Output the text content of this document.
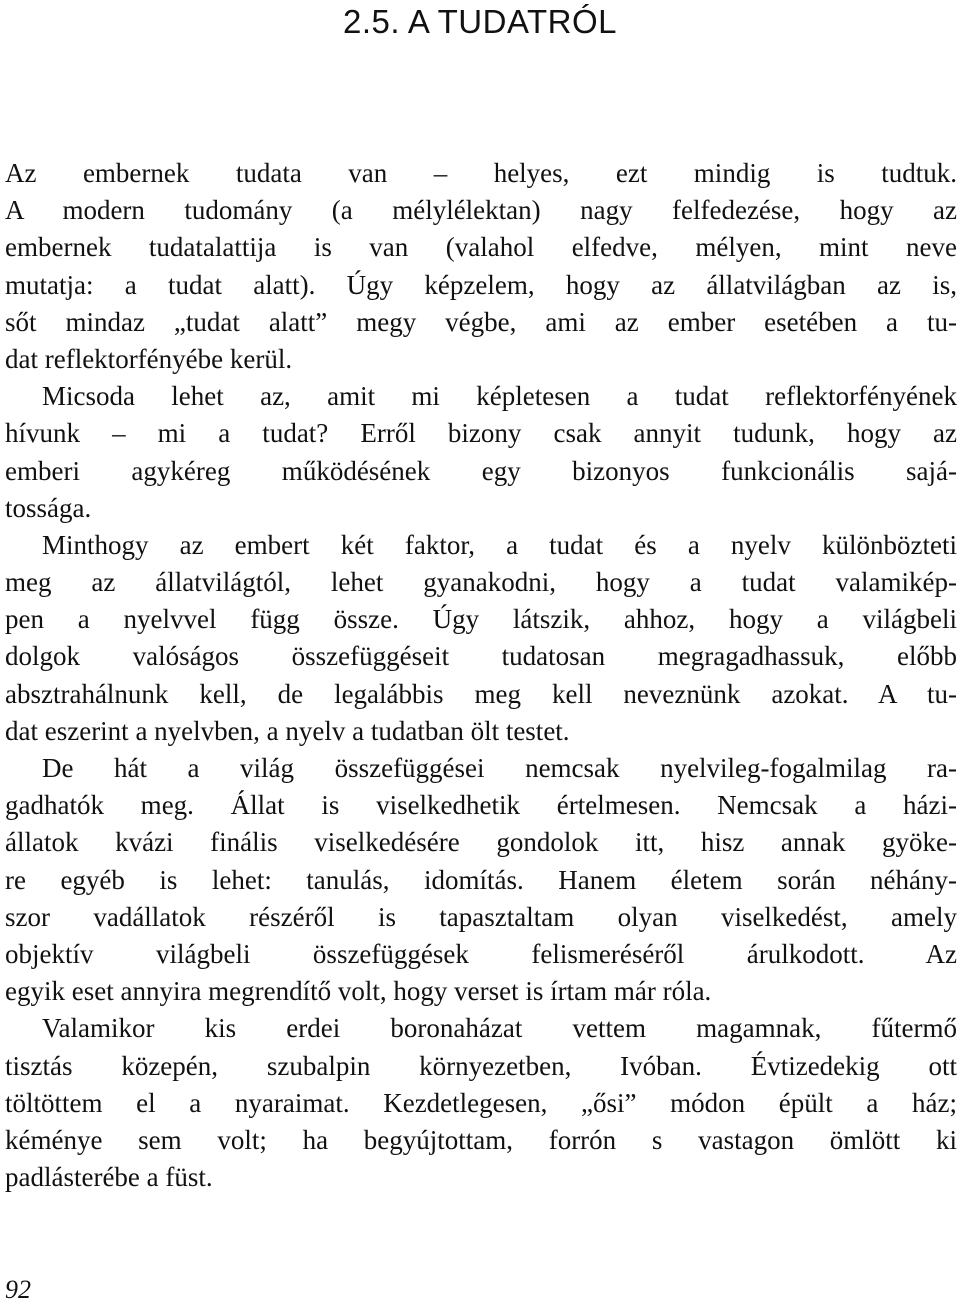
2.5. A TUDATRÓL
Az embernek tudata van – helyes, ezt mindig is tudtuk.
A modern tudomány (a mélylélektan) nagy felfedezése, hogy az
embernek tudatalattija is van (valahol elfedve, mélyen, mint neve
mutatja: a tudat alatt). Úgy képzelem, hogy az állatvilágban az is,
sőt mindaz „tudat alatt” megy végbe, ami az ember esetében a tu-
dat reflektorfényébe kerül.
Micsoda lehet az, amit mi képletesen a tudat reflektorfényének
hívunk – mi a tudat? Erről bizony csak annyit tudunk, hogy az
emberi agykéreg működésének egy bizonyos funkcionális sajá-
tossága.
Minthogy az embert két faktor, a tudat és a nyelv különbözteti
meg az állatvilágtól, lehet gyanakodni, hogy a tudat valamikép-
pen a nyelvvel függ össze. Úgy látszik, ahhoz, hogy a világbeli
dolgok valóságos összefüggéseit tudatosan megragadhassuk, előbb
absztrahálnunk kell, de legalábbis meg kell neveznünk azokat. A tu-
dat eszerint a nyelvben, a nyelv a tudatban ölt testet.
De hát a világ összefüggései nemcsak nyelvileg-fogalmilag ra-
gadhatók meg. Állat is viselkedhetik értelmesen. Nemcsak a házi-
állatok kvázi finális viselkedésére gondolok itt, hisz annak gyöke-
re egyéb is lehet: tanulás, idomítás. Hanem életem során néhány-
szor vadállatok részéről is tapasztaltam olyan viselkedést, amely
objektív világbeli összefüggések felismeréséről árulkodott. Az
egyik eset annyira megrendítő volt, hogy verset is írtam már róla.
Valamikor kis erdei boronaházat vettem magamnak, fűtermő
tisztás közepén, szubalpin környezetben, Ivóban. Évtizedekig ott
töltöttem el a nyaraimat. Kezdetlegesen, „ősi” módon épült a ház;
kéménye sem volt; ha begyújtottam, forrón s vastagon ömlött ki
padlásterébe a füst.
92
